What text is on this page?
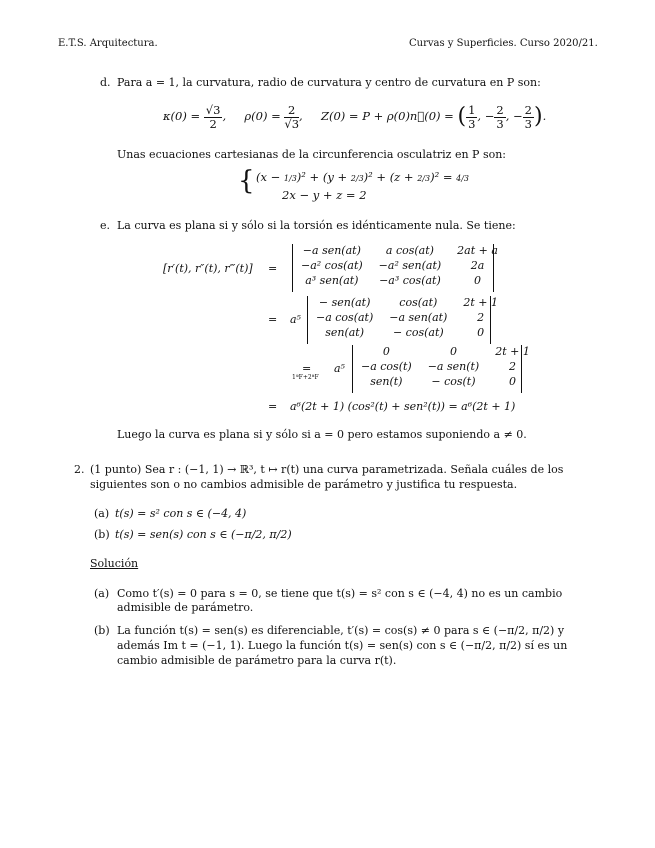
E.T.S. Arquitectura.	Curvas y Superficies. Curso 2020/21.
d. Para a = 1, la curvatura, radio de curvatura y centro de curvatura en P son:
$\kappa(0) = \frac{√3}{2}$ ,     $\rho(0) = \frac{2}{√3}$ ,     Z(0) = P + ρ(0)n⃗(0) = ( $\frac{1}{3}$ , − $\frac{2}{3}$ , − $\frac{2}{3}$ ).
Unas ecuaciones cartesianas de la circunferencia osculatriz en P son:
{ (x − 1/3)² + (y + 2/3)² + (z + 2/3)² = 4/3
2x − y + z = 2
e. La curva es plana si y sólo si la torsión es idénticamente nula. Se tiene:
[r′(t), r″(t), r‴(t)] =
−a sen(at)	a cos(at)	2at + a
−a² cos(at)	−a² sen(at)	2a
a³ sen(at)	−a³ cos(at)	0
= a⁵
− sen(at)	cos(at)	2t + 1
−a cos(at)	−a sen(at)	2
sen(at)	− cos(at)	0
=
1ªF+2ªF
a⁵
0	0	2t + 1
−a cos(t)	−a sen(t)	2
sen(t)	− cos(t)	0
= a⁶(2t + 1) (cos²(t) + sen²(t)) = a⁶(2t + 1)
Luego la curva es plana si y sólo si a = 0 pero estamos suponiendo a ≠ 0.
2. (1 punto) Sea r : (−1, 1) → ℝ³, t ↦ r(t) una curva parametrizada. Señala cuáles de los
siguientes son o no cambios admisible de parámetro y justifica tu respuesta.
(a) t(s) = s² con s ∈ (−4, 4)
(b) t(s) = sen(s) con s ∈ (−π/2, π/2)
Solución
(a) Como t′(s) = 0 para s = 0, se tiene que t(s) = s² con s ∈ (−4, 4) no es un cambio
admisible de parámetro.
(b) La función t(s) = sen(s) es diferenciable, t′(s) = cos(s) ≠ 0 para s ∈ (−π/2, π/2) y
además Im t = (−1, 1). Luego la función t(s) = sen(s) con s ∈ (−π/2, π/2) sí es un
cambio admisible de parámetro para la curva r(t).
